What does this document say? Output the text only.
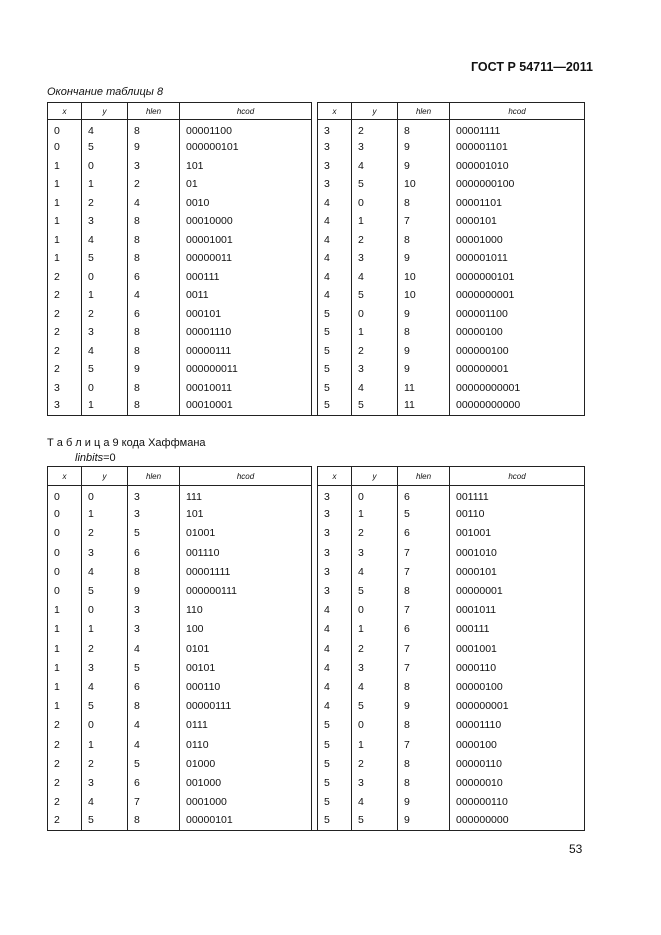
ГОСТ Р 54711—2011
Окончание таблицы 8
x	y	hlen	hcod		x	y	hlen	hcod
0	4	8	00001100		3	2	8	00001111
0	5	9	000000101		3	3	9	000001101
1	0	3	101		3	4	9	000001010
1	1	2	01		3	5	10	0000000100
1	2	4	0010		4	0	8	00001101
1	3	8	00010000		4	1	7	0000101
1	4	8	00001001		4	2	8	00001000
1	5	8	00000011		4	3	9	000001011
2	0	6	000111		4	4	10	0000000101
2	1	4	0011		4	5	10	0000000001
2	2	6	000101		5	0	9	000001100
2	3	8	00001110		5	1	8	00000100
2	4	8	00000111		5	2	9	000000100
2	5	9	000000011		5	3	9	000000001
3	0	8	00010011		5	4	11	00000000001
3	1	8	00010001		5	5	11	00000000000
Т а б л и ц а 9 кода Хаффмана
linbits=0
x	y	hlen	hcod		x	y	hlen	hcod
0	0	3	111		3	0	6	001111
0	1	3	101		3	1	5	00110
0	2	5	01001		3	2	6	001001
0	3	6	001110		3	3	7	0001010
0	4	8	00001111		3	4	7	0000101
0	5	9	000000111		3	5	8	00000001
1	0	3	110		4	0	7	0001011
1	1	3	100		4	1	6	000111
1	2	4	0101		4	2	7	0001001
1	3	5	00101		4	3	7	0000110
1	4	6	000110		4	4	8	00000100
1	5	8	00000111		4	5	9	000000001
2	0	4	0111		5	0	8	00001110
2	1	4	0110		5	1	7	0000100
2	2	5	01000		5	2	8	00000110
2	3	6	001000		5	3	8	00000010
2	4	7	0001000		5	4	9	000000110
2	5	8	00000101		5	5	9	000000000
53
